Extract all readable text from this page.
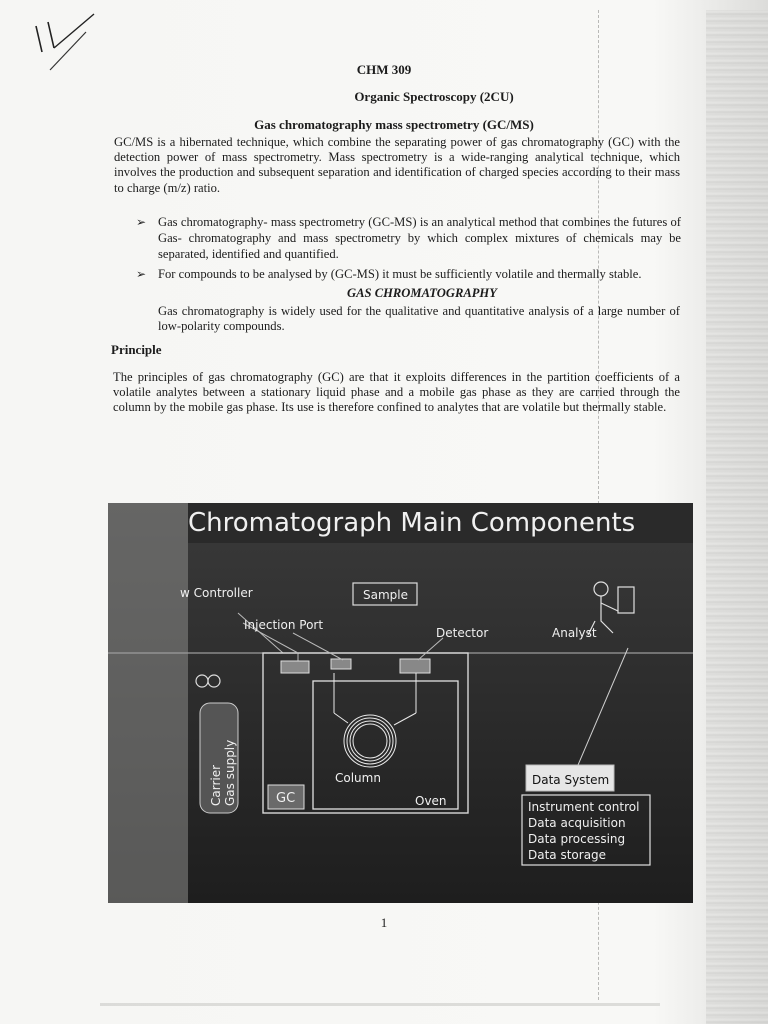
CHM 309
Organic Spectroscopy (2CU)
Gas chromatography mass spectrometry (GC/MS)
GC/MS is a hibernated technique, which combine the separating power of gas chromatography (GC) with the detection power of mass spectrometry. Mass spectrometry is a wide-ranging analytical technique, which involves the production and subsequent separation and identification of charged species according to their mass to charge (m/z) ratio.
➢ Gas chromatography- mass spectrometry (GC-MS) is an analytical method that combines the futures of Gas- chromatography and mass spectrometry by which complex mixtures of chemicals may be separated, identified and quantified.
➢ For compounds to be analysed by (GC-MS) it must be sufficiently volatile and thermally stable.
GAS CHROMATOGRAPHY
Gas chromatography is widely used for the qualitative and quantitative analysis of a large number of low-polarity compounds.
Principle
The principles of gas chromatography (GC) are that it exploits differences in the partition coefficients of a volatile analytes between a stationary liquid phase and a mobile gas phase as they are carried through the column by the mobile gas phase. Its use is therefore confined to analytes that are volatile but thermally stable.
Chromatograph Main Components
Carrier Gas supply
w Controller	Sample
Injection Port
Detector
GC
Column
Oven
Analyst
Data System
Instrument control
Data acquisition
Data processing
Data storage
1
